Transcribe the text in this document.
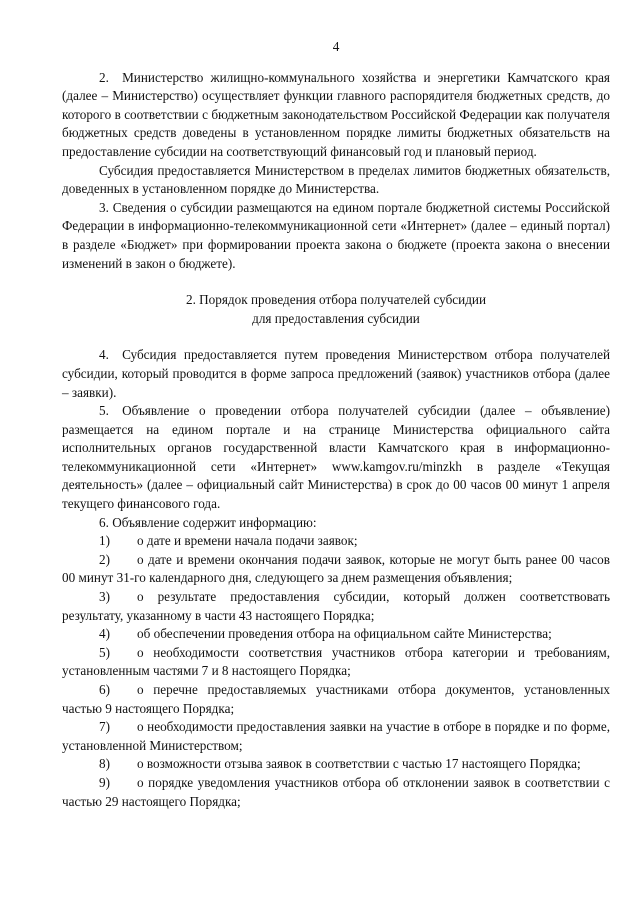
4

2. Министерство жилищно-коммунального хозяйства и энергетики Камчатского края (далее – Министерство) осуществляет функции главного распорядителя бюджетных средств, до которого в соответствии с бюджетным законодательством Российской Федерации как получателя бюджетных средств доведены в установленном порядке лимиты бюджетных обязательств на предоставление субсидии на соответствующий финансовый год и плановый период.

Субсидия предоставляется Министерством в пределах лимитов бюджетных обязательств, доведенных в установленном порядке до Министерства.

3. Сведения о субсидии размещаются на едином портале бюджетной системы Российской Федерации в информационно-телекоммуникационной сети «Интернет» (далее – единый портал) в разделе «Бюджет» при формировании проекта закона о бюджете (проекта закона о внесении изменений в закон о бюджете).

2. Порядок проведения отбора получателей субсидии

для предоставления субсидии

4. Субсидия предоставляется путем проведения Министерством отбора получателей субсидии, который проводится в форме запроса предложений (заявок) участников отбора (далее – заявки).

5. Объявление о проведении отбора получателей субсидии (далее – объявление) размещается на едином портале и на странице Министерства официального сайта исполнительных органов государственной власти Камчатского края в информационно-телекоммуникационной сети «Интернет» www.kamgov.ru/minzkh в разделе «Текущая деятельность» (далее – официальный сайт Министерства) в срок до 00 часов 00 минут 1 апреля текущего финансового года.

6. Объявление содержит информацию:

1) о дате и времени начала подачи заявок;

2) о дате и времени окончания подачи заявок, которые не могут быть ранее 00 часов 00 минут 31-го календарного дня, следующего за днем размещения объявления;

3) о результате предоставления субсидии, который должен соответствовать результату, указанному в части 43 настоящего Порядка;

4) об обеспечении проведения отбора на официальном сайте Министерства;

5) о необходимости соответствия участников отбора категории и требованиям, установленным частями 7 и 8 настоящего Порядка;

6) о перечне предоставляемых участниками отбора документов, установленных частью 9 настоящего Порядка;

7) о необходимости предоставления заявки на участие в отборе в порядке и по форме, установленной Министерством;

8) о возможности отзыва заявок в соответствии с частью 17 настоящего Порядка;

9) о порядке уведомления участников отбора об отклонении заявок в соответствии с частью 29 настоящего Порядка;
